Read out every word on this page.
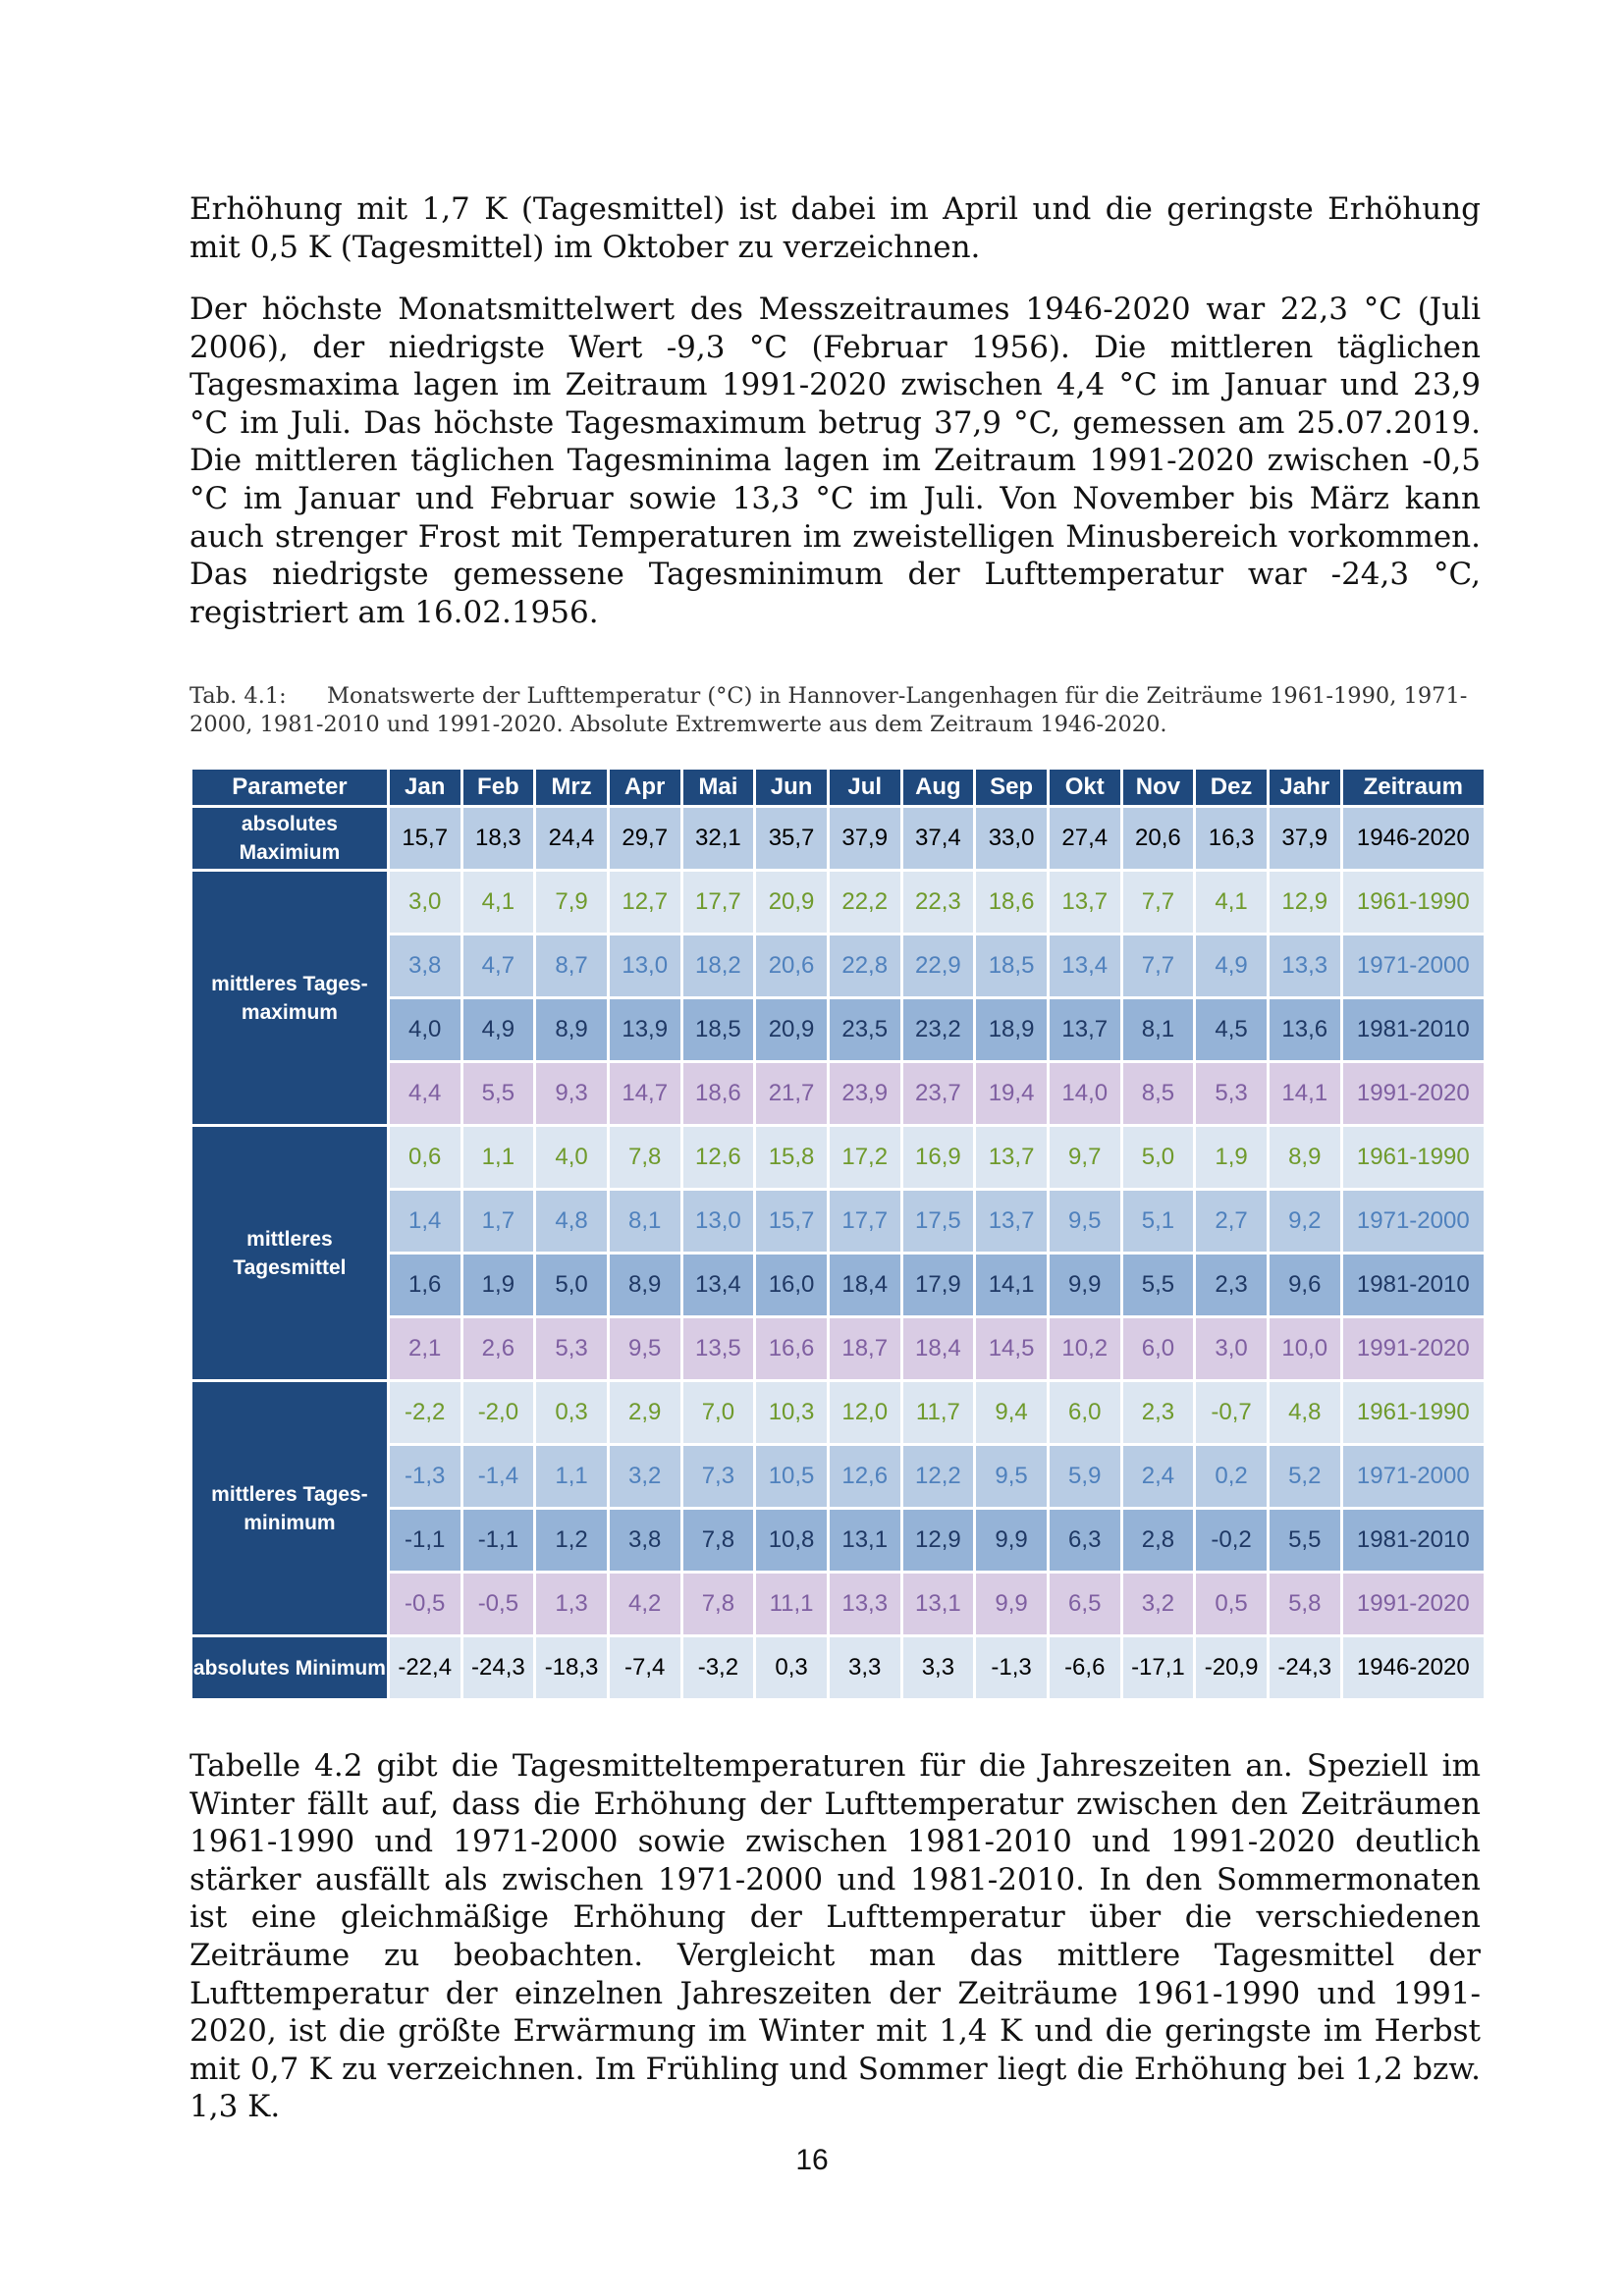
Erhöhung mit 1,7 K (Tagesmittel) ist dabei im April und die geringste Erhöhung mit 0,5 K (Tagesmittel) im Oktober zu verzeichnen.

Der höchste Monatsmittelwert des Messzeitraumes 1946-2020 war 22,3 °C (Juli 2006), der niedrigste Wert -9,3 °C (Februar 1956). Die mittleren täglichen Tagesmaxima lagen im Zeitraum 1991-2020 zwischen 4,4 °C im Januar und 23,9 °C im Juli. Das höchste Tagesmaximum betrug 37,9 °C, gemessen am 25.07.2019. Die mittleren täglichen Tagesminima lagen im Zeitraum 1991-2020 zwischen -0,5 °C im Januar und Februar sowie 13,3 °C im Juli. Von November bis März kann auch strenger Frost mit Temperaturen im zweistelligen Minusbereich vorkommen. Das niedrigste gemessene Tagesminimum der Lufttemperatur war -24,3 °C, registriert am 16.02.1956.

Tab. 4.1: Monatswerte der Lufttemperatur (°C) in Hannover-Langenhagen für die Zeiträume 1961-1990, 1971-2000, 1981-2010 und 1991-2020. Absolute Extremwerte aus dem Zeitraum 1946-2020.

Parameter	Jan	Feb	Mrz	Apr	Mai	Jun	Jul	Aug	Sep	Okt	Nov	Dez	Jahr	Zeitraum
absolutes Maximium	15,7	18,3	24,4	29,7	32,1	35,7	37,9	37,4	33,0	27,4	20,6	16,3	37,9	1946-2020
mittleres Tages-maximum	3,0	4,1	7,9	12,7	17,7	20,9	22,2	22,3	18,6	13,7	7,7	4,1	12,9	1961-1990
	3,8	4,7	8,7	13,0	18,2	20,6	22,8	22,9	18,5	13,4	7,7	4,9	13,3	1971-2000
	4,0	4,9	8,9	13,9	18,5	20,9	23,5	23,2	18,9	13,7	8,1	4,5	13,6	1981-2010
	4,4	5,5	9,3	14,7	18,6	21,7	23,9	23,7	19,4	14,0	8,5	5,3	14,1	1991-2020
mittleres Tagesmittel	0,6	1,1	4,0	7,8	12,6	15,8	17,2	16,9	13,7	9,7	5,0	1,9	8,9	1961-1990
	1,4	1,7	4,8	8,1	13,0	15,7	17,7	17,5	13,7	9,5	5,1	2,7	9,2	1971-2000
	1,6	1,9	5,0	8,9	13,4	16,0	18,4	17,9	14,1	9,9	5,5	2,3	9,6	1981-2010
	2,1	2,6	5,3	9,5	13,5	16,6	18,7	18,4	14,5	10,2	6,0	3,0	10,0	1991-2020
mittleres Tages-minimum	-2,2	-2,0	0,3	2,9	7,0	10,3	12,0	11,7	9,4	6,0	2,3	-0,7	4,8	1961-1990
	-1,3	-1,4	1,1	3,2	7,3	10,5	12,6	12,2	9,5	5,9	2,4	0,2	5,2	1971-2000
	-1,1	-1,1	1,2	3,8	7,8	10,8	13,1	12,9	9,9	6,3	2,8	-0,2	5,5	1981-2010
	-0,5	-0,5	1,3	4,2	7,8	11,1	13,3	13,1	9,9	6,5	3,2	0,5	5,8	1991-2020
absolutes Minimum	-22,4	-24,3	-18,3	-7,4	-3,2	0,3	3,3	3,3	-1,3	-6,6	-17,1	-20,9	-24,3	1946-2020

Tabelle 4.2 gibt die Tagesmitteltemperaturen für die Jahreszeiten an. Speziell im Winter fällt auf, dass die Erhöhung der Lufttemperatur zwischen den Zeiträumen 1961-1990 und 1971-2000 sowie zwischen 1981-2010 und 1991-2020 deutlich stärker ausfällt als zwischen 1971-2000 und 1981-2010. In den Sommermonaten ist eine gleichmäßige Erhöhung der Lufttemperatur über die verschiedenen Zeiträume zu beobachten. Vergleicht man das mittlere Tagesmittel der Lufttemperatur der einzelnen Jahreszeiten der Zeiträume 1961-1990 und 1991-2020, ist die größte Erwärmung im Winter mit 1,4 K und die geringste im Herbst mit 0,7 K zu verzeichnen. Im Frühling und Sommer liegt die Erhöhung bei 1,2 bzw. 1,3 K.

16
